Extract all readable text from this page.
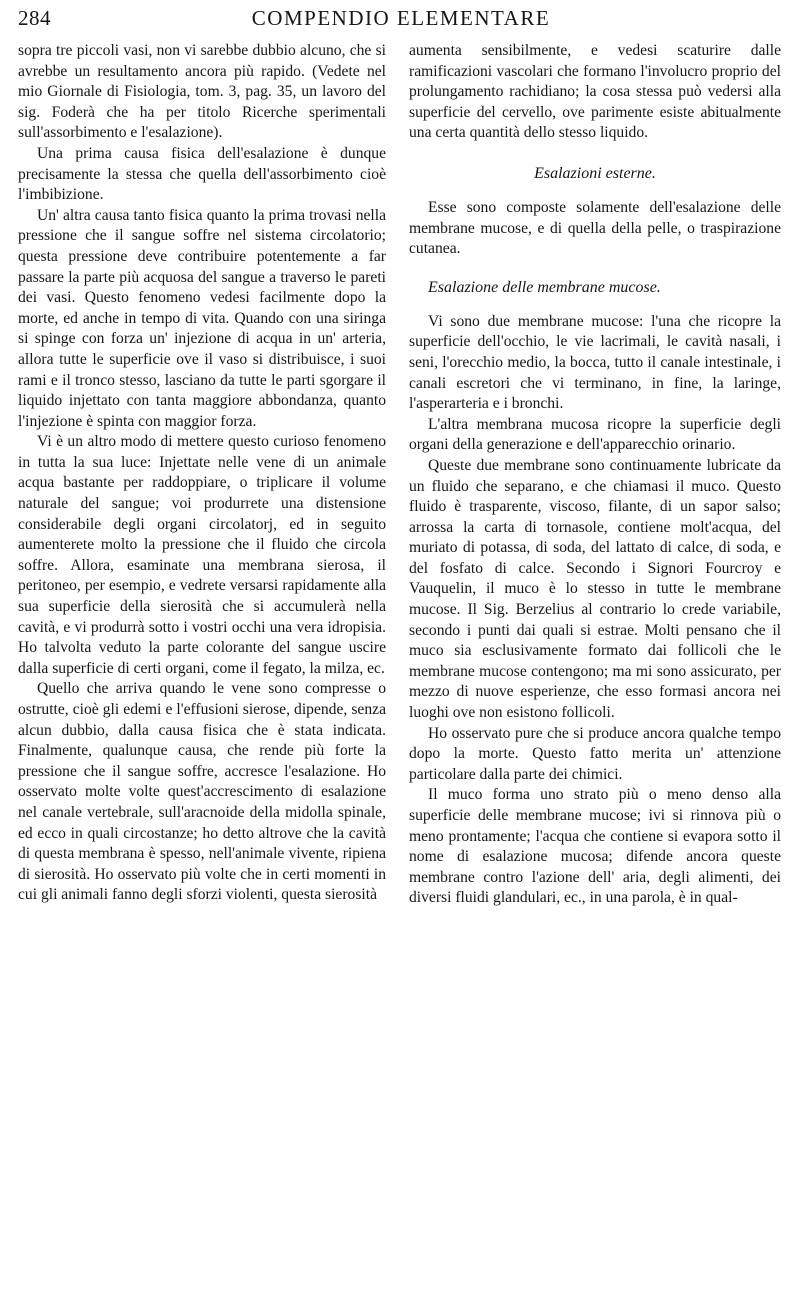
284	COMPENDIO ELEMENTARE

sopra tre piccoli vasi, non vi sarebbe dubbio alcuno, che si avrebbe un resultamento ancora più rapido. (Vedete nel mio Giornale di Fisiologia, tom. 3, pag. 35, un lavoro del sig. Foderà che ha per titolo Ricerche sperimentali sull'assorbimento e l'esalazione).

Una prima causa fisica dell'esalazione è dunque precisamente la stessa che quella dell'assorbimento cioè l'imbibizione.

Un' altra causa tanto fisica quanto la prima trovasi nella pressione che il sangue soffre nel sistema circolatorio; questa pressione deve contribuire potentemente a far passare la parte più acquosa del sangue a traverso le pareti dei vasi. Questo fenomeno vedesi facilmente dopo la morte, ed anche in tempo di vita. Quando con una siringa si spinge con forza un' injezione di acqua in un' arteria, allora tutte le superficie ove il vaso si distribuisce, i suoi rami e il tronco stesso, lasciano da tutte le parti sgorgare il liquido injettato con tanta maggiore abbondanza, quanto l'injezione è spinta con maggior forza.

Vi è un altro modo di mettere questo curioso fenomeno in tutta la sua luce: Injettate nelle vene di un animale acqua bastante per raddoppiare, o triplicare il volume naturale del sangue; voi produrrete una distensione considerabile degli organi circolatorj, ed in seguito aumenterete molto la pressione che il fluido che circola soffre. Allora, esaminate una membrana sierosa, il peritoneo, per esempio, e vedrete versarsi rapidamente alla sua superficie della sierosità che si accumulerà nella cavità, e vi produrrà sotto i vostri occhi una vera idropisia. Ho talvolta veduto la parte colorante del sangue uscire dalla superficie di certi organi, come il fegato, la milza, ec.

Quello che arriva quando le vene sono compresse o ostrutte, cioè gli edemi e l'effusioni sierose, dipende, senza alcun dubbio, dalla causa fisica che è stata indicata. Finalmente, qualunque causa, che rende più forte la pressione che il sangue soffre, accresce l'esalazione. Ho osservato molte volte quest'accrescimento di esalazione nel canale vertebrale, sull'aracnoide della midolla spinale, ed ecco in quali circostanze; ho detto altrove che la cavità di questa membrana è spesso, nell'animale vivente, ripiena di sierosità. Ho osservato più volte che in certi momenti in cui gli animali fanno degli sforzi violenti, questa sierosità

aumenta sensibilmente, e vedesi scaturire dalle ramificazioni vascolari che formano l'involucro proprio del prolungamento rachidiano; la cosa stessa può vedersi alla superficie del cervello, ove parimente esiste abitualmente una certa quantità dello stesso liquido.

Esalazioni esterne.

Esse sono composte solamente dell'esalazione delle membrane mucose, e di quella della pelle, o traspirazione cutanea.

Esalazione delle membrane mucose.

Vi sono due membrane mucose: l'una che ricopre la superficie dell'occhio, le vie lacrimali, le cavità nasali, i seni, l'orecchio medio, la bocca, tutto il canale intestinale, i canali escretori che vi terminano, in fine, la laringe, l'asperarteria e i bronchi.

L'altra membrana mucosa ricopre la superficie degli organi della generazione e dell'apparecchio orinario.

Queste due membrane sono continuamente lubricate da un fluido che separano, e che chiamasi il muco. Questo fluido è trasparente, viscoso, filante, di un sapor salso; arrossa la carta di tornasole, contiene molt'acqua, del muriato di potassa, di soda, del lattato di calce, di soda, e del fosfato di calce. Secondo i Signori Fourcroy e Vauquelin, il muco è lo stesso in tutte le membrane mucose. Il Sig. Berzelius al contrario lo crede variabile, secondo i punti dai quali si estrae. Molti pensano che il muco sia esclusivamente formato dai follicoli che le membrane mucose contengono; ma mi sono assicurato, per mezzo di nuove esperienze, che esso formasi ancora nei luoghi ove non esistono follicoli.

Ho osservato pure che si produce ancora qualche tempo dopo la morte. Questo fatto merita un' attenzione particolare dalla parte dei chimici.

Il muco forma uno strato più o meno denso alla superficie delle membrane mucose; ivi si rinnova più o meno prontamente; l'acqua che contiene si evapora sotto il nome di esalazione mucosa; difende ancora queste membrane contro l'azione dell' aria, degli alimenti, dei diversi fluidi glandulari, ec., in una parola, è in qual-
